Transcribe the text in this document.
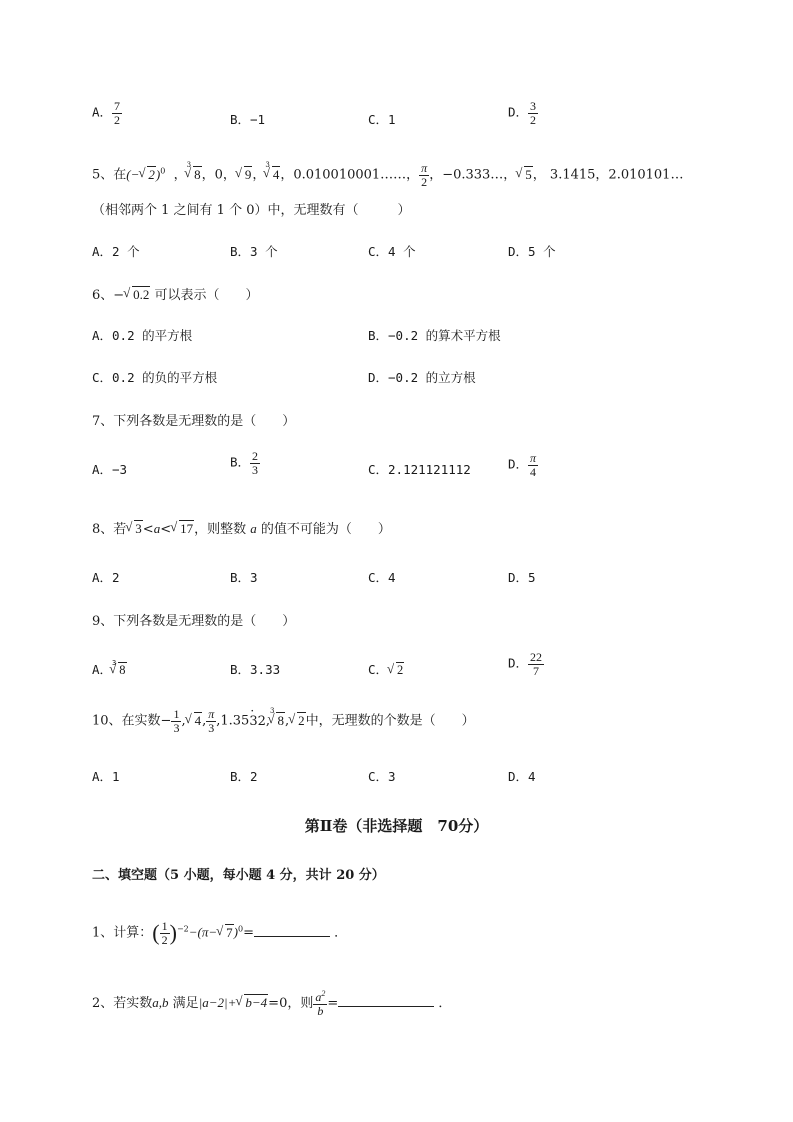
A． $\frac{7}{2}$	B．−1	C．1	D． $\frac{3}{2}$
5、在(−√ 2)$^0$  ，$^3$√ 8，0，√ 9，$^3$√ 4，0.010010001……， $\frac{\pi}{2}$ ，−0.333…，√ 5， 3.1415，2.010101…
（相邻两个 1 之间有 1 个 0）中，无理数有（　　　）
A．2 个	B．3 个	C．4 个	D．5 个
6、−√ 0.2 可以表示（　　）
A．0.2 的平方根	B．−0.2 的算术平方根
C．0.2 的负的平方根	D．−0.2 的立方根
7、下列各数是无理数的是（　　）
A．−3	B． $\frac{2}{3}$	C．2.121121112	D． $\frac{\pi}{4}$
8、若√ 3<a<√ 17，则整数 a 的值不可能为（　　）
A．2	B．3	C．4	D．5
9、下列各数是无理数的是（　　）
A．$^3$√ 8	B．3.33	C．√ 2	D． $\frac{22}{7}$
10、在实数− $\frac{1}{3}$ ,√ 4, $\frac{\pi}{3} ,1.35\cdot 32,^3√$ 8,√ 2中，无理数的个数是（　　）
A．1	B．2	C．3	D．4
第Ⅱ卷（非选择题　70分）
二、填空题（5 小题，每小题 4 分，共计 20 分）
1、计算：( $\frac{1}{2} )^{-2}-(\pi-√$ 7)$^0$=	．
2、若实数a,b 满足|a−2|+√ b−4=0，则 $\frac{a^2}{b}$ =	．
